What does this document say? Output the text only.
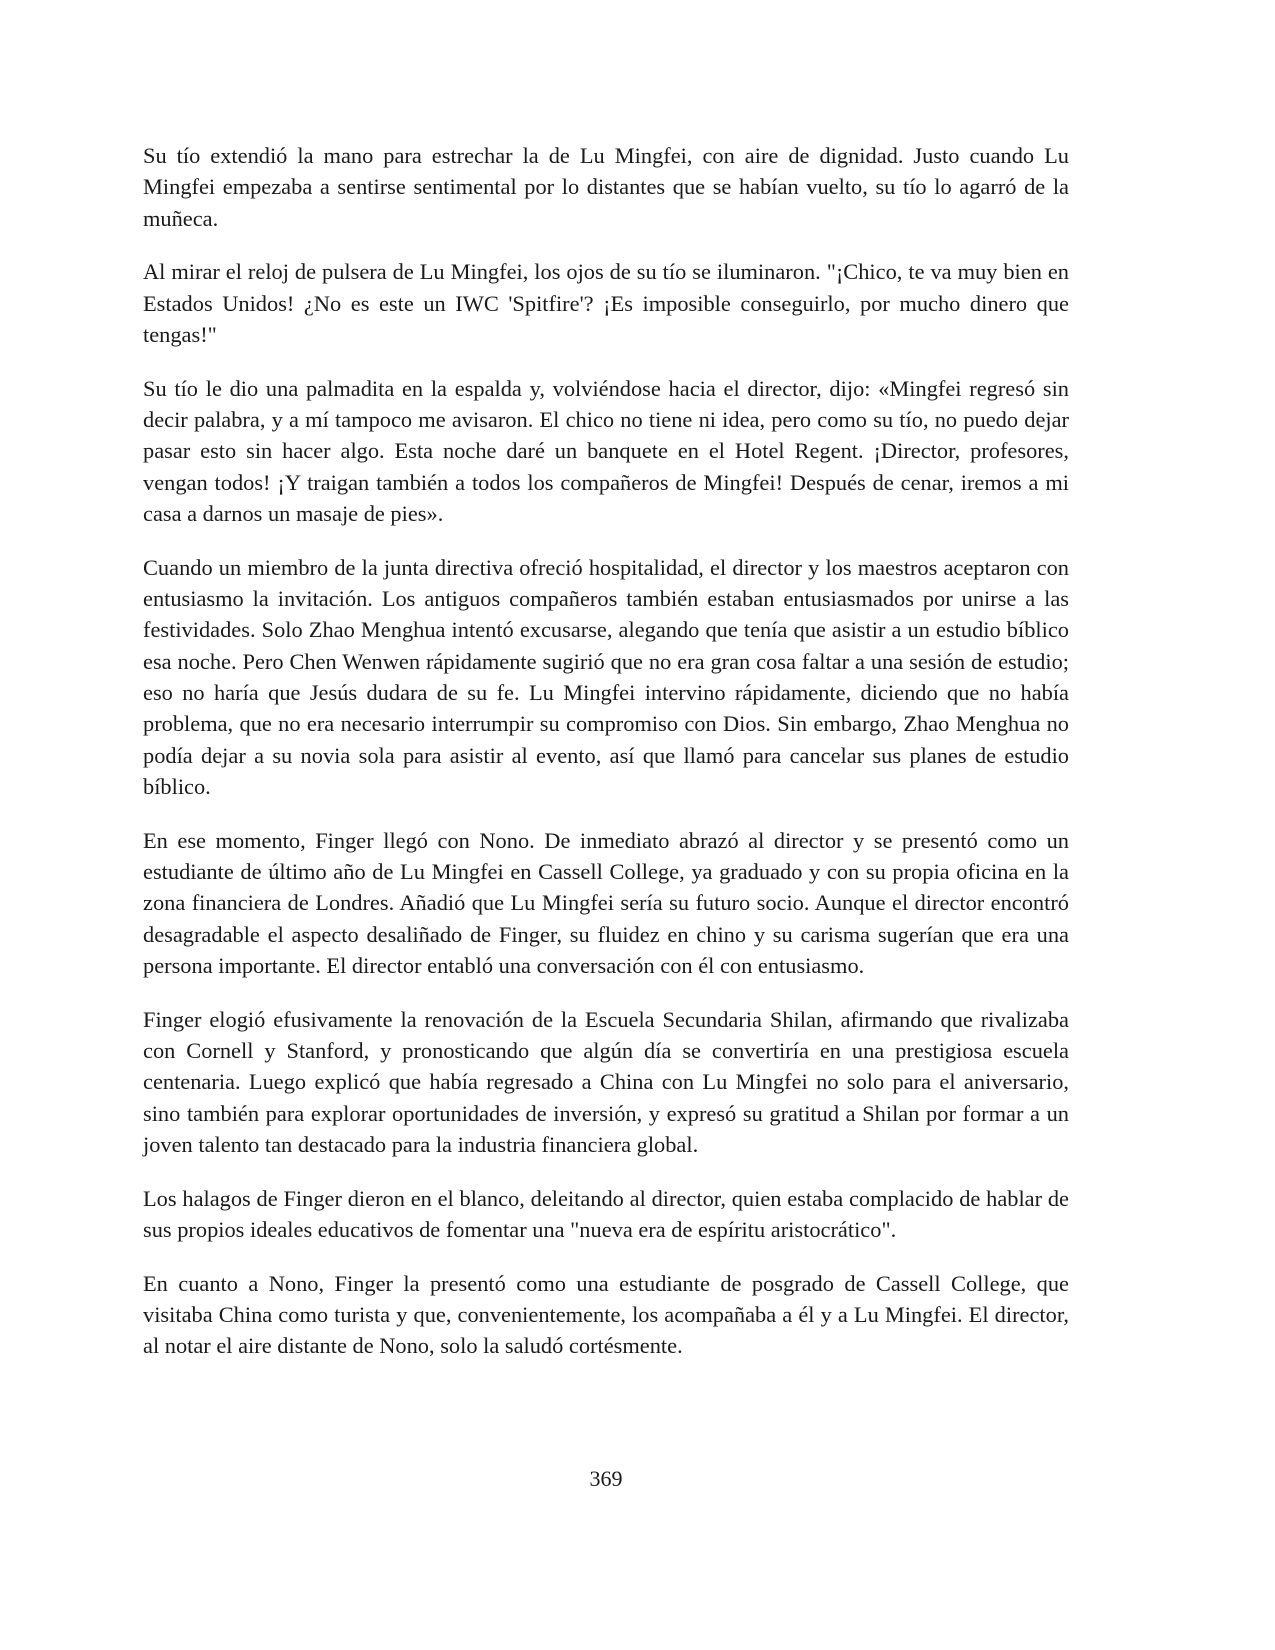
Su tío extendió la mano para estrechar la de Lu Mingfei, con aire de dignidad. Justo cuando Lu Mingfei empezaba a sentirse sentimental por lo distantes que se habían vuelto, su tío lo agarró de la muñeca.

Al mirar el reloj de pulsera de Lu Mingfei, los ojos de su tío se iluminaron. "¡Chico, te va muy bien en Estados Unidos! ¿No es este un IWC 'Spitfire'? ¡Es imposible conseguirlo, por mucho dinero que tengas!"

Su tío le dio una palmadita en la espalda y, volviéndose hacia el director, dijo: «Mingfei regresó sin decir palabra, y a mí tampoco me avisaron. El chico no tiene ni idea, pero como su tío, no puedo dejar pasar esto sin hacer algo. Esta noche daré un banquete en el Hotel Regent. ¡Director, profesores, vengan todos! ¡Y traigan también a todos los compañeros de Mingfei! Después de cenar, iremos a mi casa a darnos un masaje de pies».

Cuando un miembro de la junta directiva ofreció hospitalidad, el director y los maestros aceptaron con entusiasmo la invitación. Los antiguos compañeros también estaban entusiasmados por unirse a las festividades. Solo Zhao Menghua intentó excusarse, alegando que tenía que asistir a un estudio bíblico esa noche. Pero Chen Wenwen rápidamente sugirió que no era gran cosa faltar a una sesión de estudio; eso no haría que Jesús dudara de su fe. Lu Mingfei intervino rápidamente, diciendo que no había problema, que no era necesario interrumpir su compromiso con Dios. Sin embargo, Zhao Menghua no podía dejar a su novia sola para asistir al evento, así que llamó para cancelar sus planes de estudio bíblico.

En ese momento, Finger llegó con Nono. De inmediato abrazó al director y se presentó como un estudiante de último año de Lu Mingfei en Cassell College, ya graduado y con su propia oficina en la zona financiera de Londres. Añadió que Lu Mingfei sería su futuro socio. Aunque el director encontró desagradable el aspecto desaliñado de Finger, su fluidez en chino y su carisma sugerían que era una persona importante. El director entabló una conversación con él con entusiasmo.

Finger elogió efusivamente la renovación de la Escuela Secundaria Shilan, afirmando que rivalizaba con Cornell y Stanford, y pronosticando que algún día se convertiría en una prestigiosa escuela centenaria. Luego explicó que había regresado a China con Lu Mingfei no solo para el aniversario, sino también para explorar oportunidades de inversión, y expresó su gratitud a Shilan por formar a un joven talento tan destacado para la industria financiera global.

Los halagos de Finger dieron en el blanco, deleitando al director, quien estaba complacido de hablar de sus propios ideales educativos de fomentar una "nueva era de espíritu aristocrático".

En cuanto a Nono, Finger la presentó como una estudiante de posgrado de Cassell College, que visitaba China como turista y que, convenientemente, los acompañaba a él y a Lu Mingfei. El director, al notar el aire distante de Nono, solo la saludó cortésmente.

369
